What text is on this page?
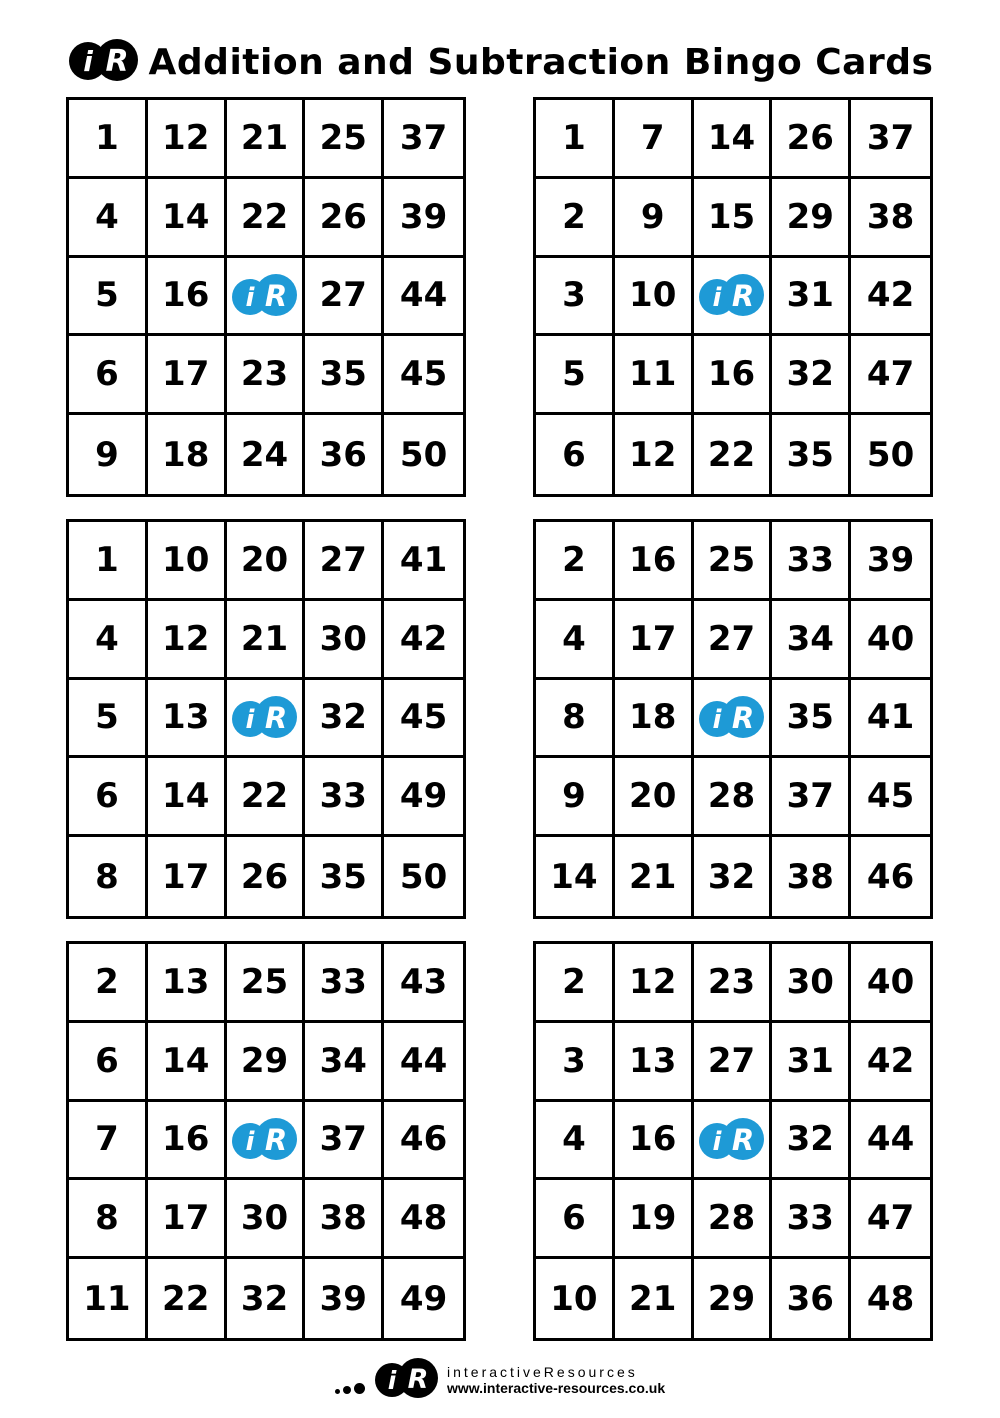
i R Addition and Subtraction Bingo Cards
1	12 21 25 37
4	14 22 26 39
5	16	i R 27 44
6	17 23 35 45
9	18 24 36 50
1	7	14 26 37
2	9	15 29 38
3	10	i R 31 42
5	11 16 32 47
6	12 22 35 50
1	10 20 27 41
4	12 21 30 42
5	13	i R 32 45
6	14 22 33 49
8	17 26 35 50
2	16 25 33 39
4	17 27 34 40
8	18	i R 35 41
9	20 28 37 45
14 21 32 38 46
2	13 25 33 43
6	14 29 34 44
7	16	i R 37 46
8	17 30 38 48
11 22 32 39 49
2	12 23 30 40
3	13 27 31 42
4	16	i R 32 44
6	19 28 33 47
10 21 29 36 48
i R interactiveResources
www.interactive-resources.co.uk
